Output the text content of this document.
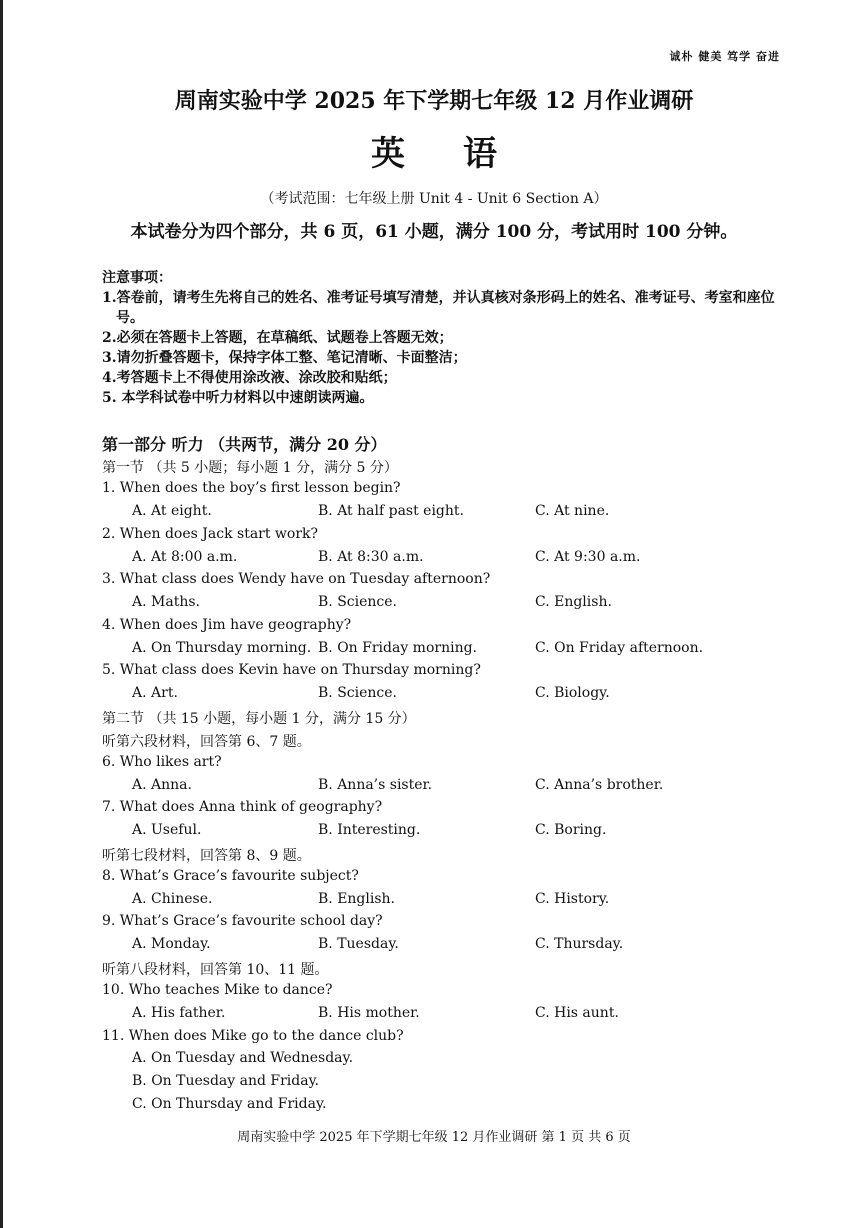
诚朴 健美 笃学 奋进
周南实验中学 2025 年下学期七年级 12 月作业调研
英语
（考试范围：七年级上册 Unit 4 - Unit 6 Section A）
本试卷分为四个部分，共 6 页，61 小题，满分 100 分，考试用时 100 分钟。
注意事项：
1.答卷前，请考生先将自己的姓名、准考证号填写清楚，并认真核对条形码上的姓名、准考证号、考室和座位号。
2.必须在答题卡上答题，在草稿纸、试题卷上答题无效；
3.请勿折叠答题卡，保持字体工整、笔记清晰、卡面整洁；
4.考答题卡上不得使用涂改液、涂改胶和贴纸；
5. 本学科试卷中听力材料以中速朗读两遍。
第一部分 听力 （共两节，满分 20 分）
第一节 （共 5 小题；每小题 1 分，满分 5 分）
1. When does the boy’s first lesson begin?
A. At eight.	B. At half past eight.	C. At nine.
2. When does Jack start work?
A. At 8:00 a.m.	B. At 8:30 a.m.	C. At 9:30 a.m.
3. What class does Wendy have on Tuesday afternoon?
A. Maths.	B. Science.	C. English.
4. When does Jim have geography?
A. On Thursday morning. B. On Friday morning.	C. On Friday afternoon.
5. What class does Kevin have on Thursday morning?
A. Art.	B. Science.	C. Biology.
第二节 （共 15 小题，每小题 1 分，满分 15 分）
听第六段材料，回答第 6、7 题。
6. Who likes art?
A. Anna.	B. Anna’s sister.	C. Anna’s brother.
7. What does Anna think of geography?
A. Useful.	B. Interesting.	C. Boring.
听第七段材料，回答第 8、9 题。
8. What’s Grace’s favourite subject?
A. Chinese.	B. English.	C. History.
9. What’s Grace’s favourite school day?
A. Monday.	B. Tuesday.	C. Thursday.
听第八段材料，回答第 10、11 题。
10. Who teaches Mike to dance?
A. His father.	B. His mother.	C. His aunt.
11. When does Mike go to the dance club?
A. On Tuesday and Wednesday.
B. On Tuesday and Friday.
C. On Thursday and Friday.
周南实验中学 2025 年下学期七年级 12 月作业调研 第 1 页 共 6 页
